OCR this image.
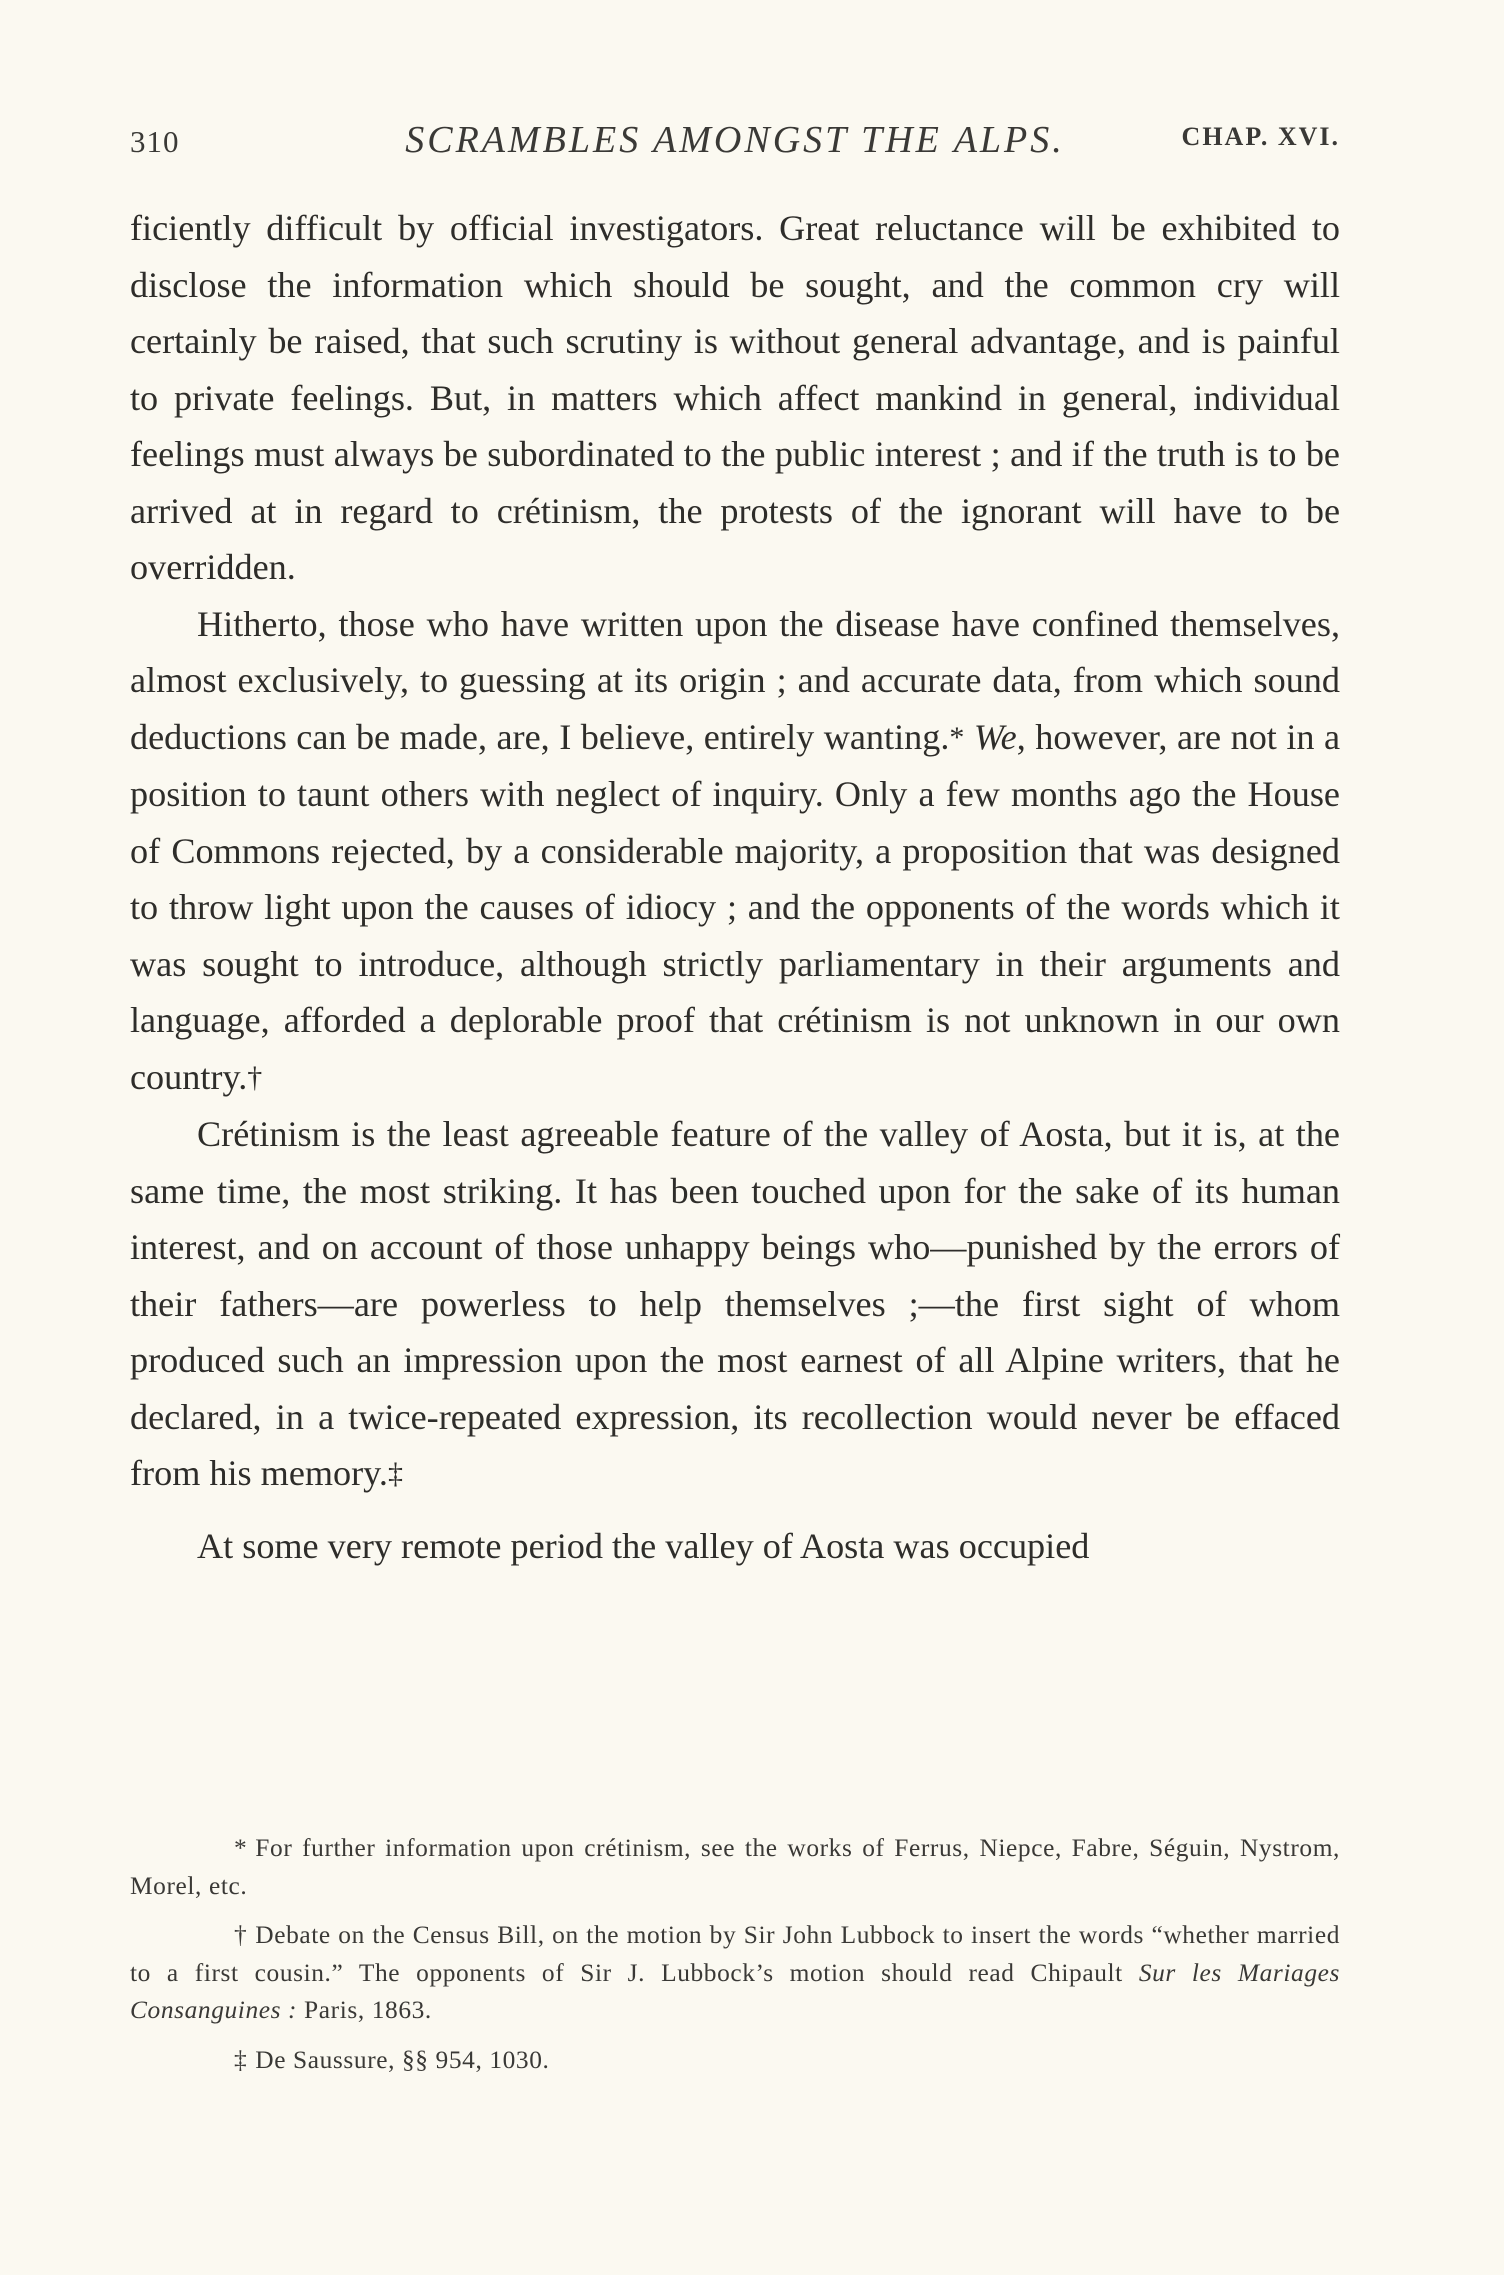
310	SCRAMBLES AMONGST THE ALPS.	CHAP. XVI.

ficiently difficult by official investigators. Great reluctance will be exhibited to disclose the information which should be sought, and the common cry will certainly be raised, that such scrutiny is without general advantage, and is painful to private feelings. But, in matters which affect mankind in general, individual feelings must always be subordinated to the public interest ; and if the truth is to be arrived at in regard to crétinism, the protests of the ignorant will have to be overridden.

Hitherto, those who have written upon the disease have confined themselves, almost exclusively, to guessing at its origin ; and accurate data, from which sound deductions can be made, are, I believe, entirely wanting.* We, however, are not in a position to taunt others with neglect of inquiry. Only a few months ago the House of Commons rejected, by a considerable majority, a proposition that was designed to throw light upon the causes of idiocy ; and the opponents of the words which it was sought to introduce, although strictly parliamentary in their arguments and language, afforded a deplorable proof that crétinism is not unknown in our own country.†

Crétinism is the least agreeable feature of the valley of Aosta, but it is, at the same time, the most striking. It has been touched upon for the sake of its human interest, and on account of those unhappy beings who—punished by the errors of their fathers—are powerless to help themselves ;—the first sight of whom produced such an impression upon the most earnest of all Alpine writers, that he declared, in a twice-repeated expression, its recollection would never be effaced from his memory.‡

At some very remote period the valley of Aosta was occupied

* For further information upon crétinism, see the works of Ferrus, Niepce, Fabre, Séguin, Nystrom, Morel, etc.

† Debate on the Census Bill, on the motion by Sir John Lubbock to insert the words “whether married to a first cousin.” The opponents of Sir J. Lubbock’s motion should read Chipault Sur les Mariages Consanguines : Paris, 1863.

‡ De Saussure, §§ 954, 1030.
